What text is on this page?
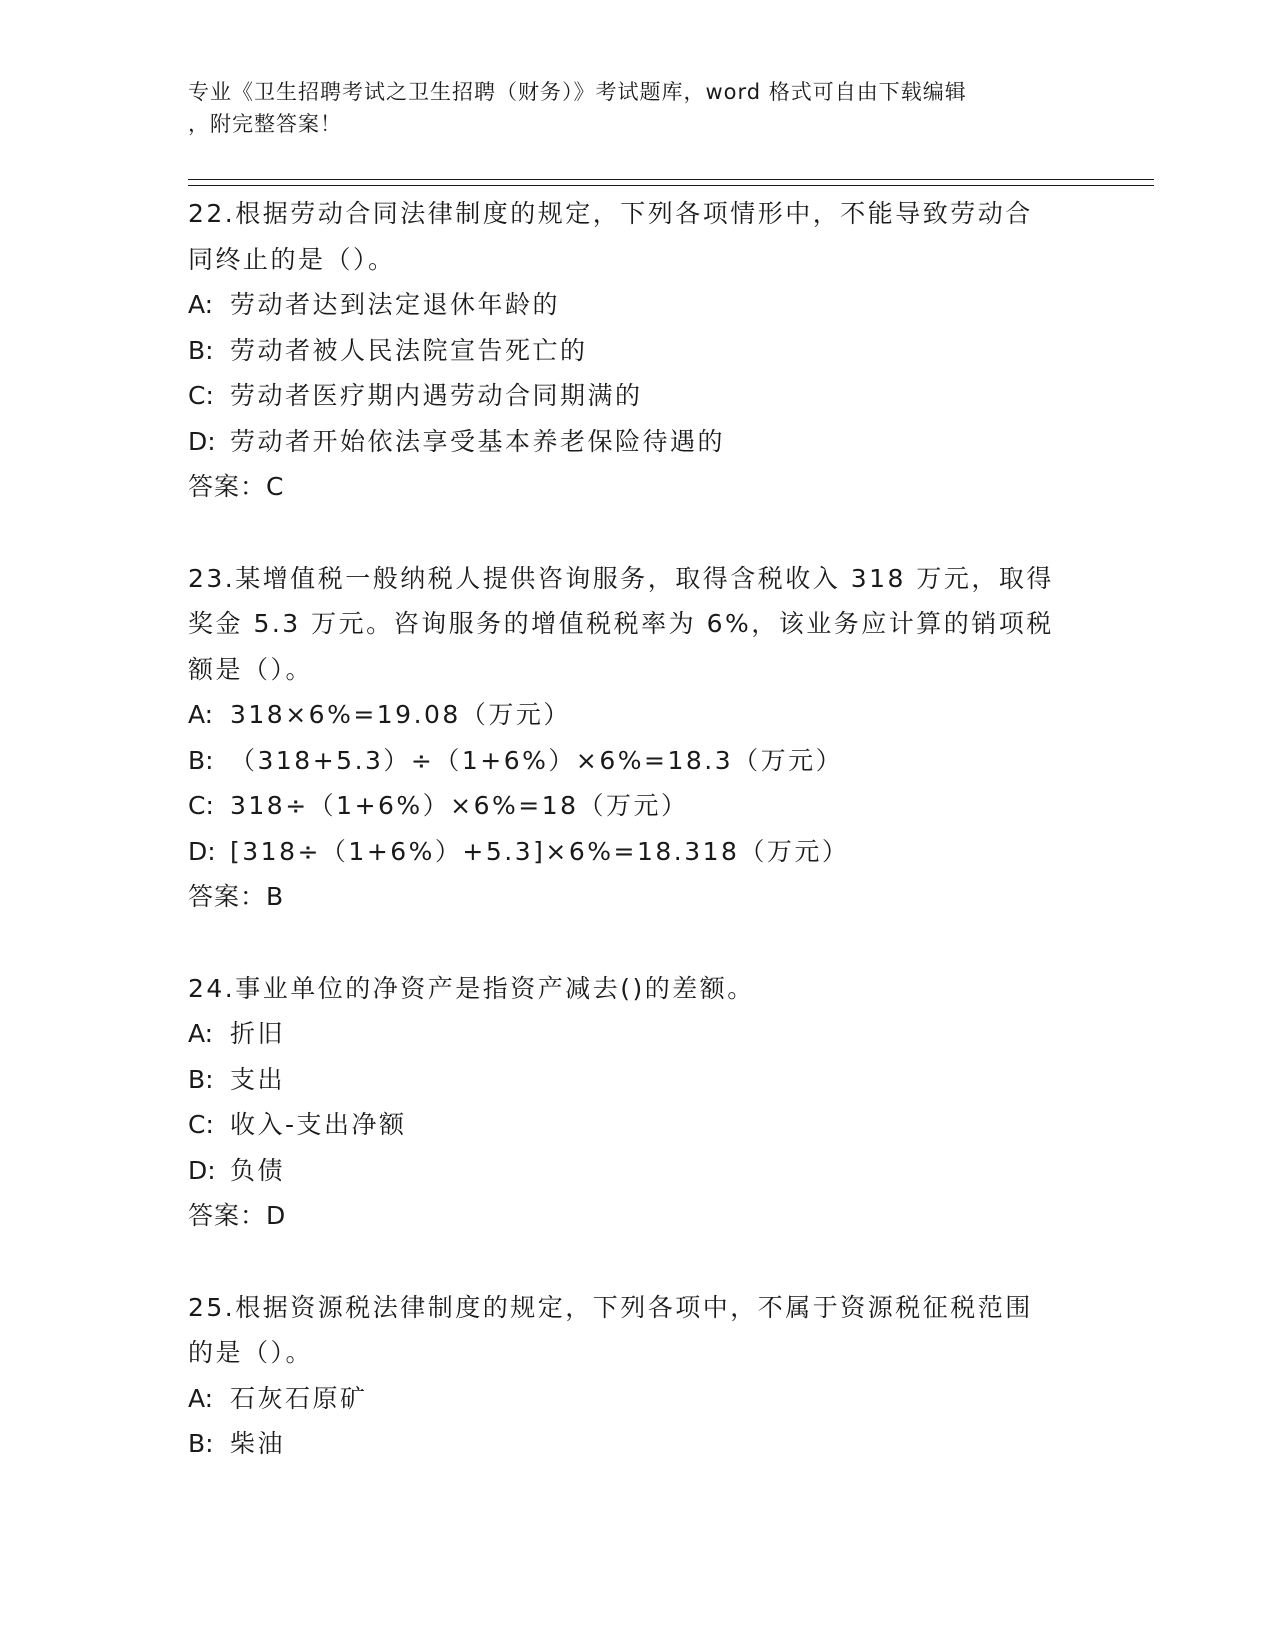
专业《卫生招聘考试之卫生招聘（财务）》考试题库，word 格式可自由下载编辑
，附完整答案！

22.根据劳动合同法律制度的规定，下列各项情形中，不能导致劳动合

同终止的是（）。

A: 劳动者达到法定退休年龄的

B: 劳动者被人民法院宣告死亡的

C: 劳动者医疗期内遇劳动合同期满的

D: 劳动者开始依法享受基本养老保险待遇的

答案：C

23.某增值税一般纳税人提供咨询服务，取得含税收入 318 万元，取得

奖金 5.3 万元。咨询服务的增值税税率为 6%，该业务应计算的销项税

额是（）。

A: 318×6%=19.08（万元）

B: （318+5.3）÷（1+6%）×6%=18.3（万元）

C: 318÷（1+6%）×6%=18（万元）

D: [318÷（1+6%）+5.3]×6%=18.318（万元）

答案：B

24.事业单位的净资产是指资产减去()的差额。

A: 折旧

B: 支出

C: 收入-支出净额

D: 负债

答案：D

25.根据资源税法律制度的规定，下列各项中，不属于资源税征税范围

的是（）。

A: 石灰石原矿

B: 柴油
